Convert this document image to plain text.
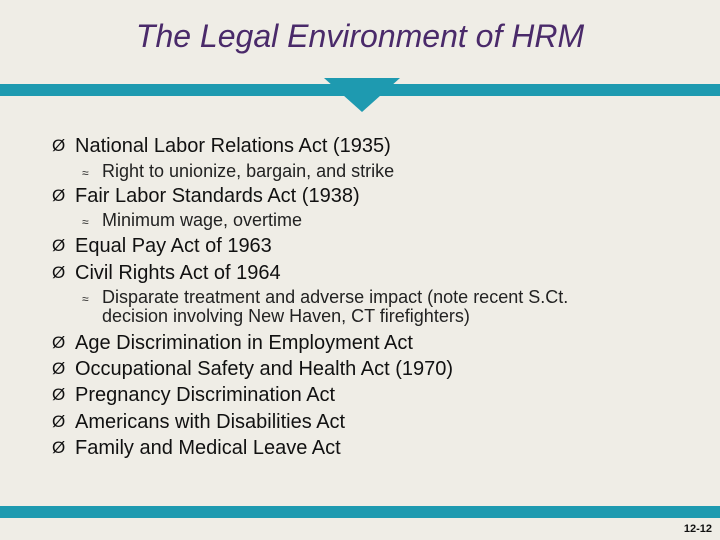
The Legal Environment of HRM
Ø National Labor Relations Act (1935)
≈ Right to unionize, bargain, and strike
Ø Fair Labor Standards Act (1938)
≈ Minimum wage, overtime
Ø Equal Pay Act of 1963
Ø Civil Rights Act of 1964
≈ Disparate treatment and adverse impact (note recent S.Ct.
decision involving New Haven, CT firefighters)
Ø Age Discrimination in Employment Act
Ø Occupational Safety and Health Act (1970)
Ø Pregnancy Discrimination Act
Ø Americans with Disabilities Act
Ø Family and Medical Leave Act
12-12
